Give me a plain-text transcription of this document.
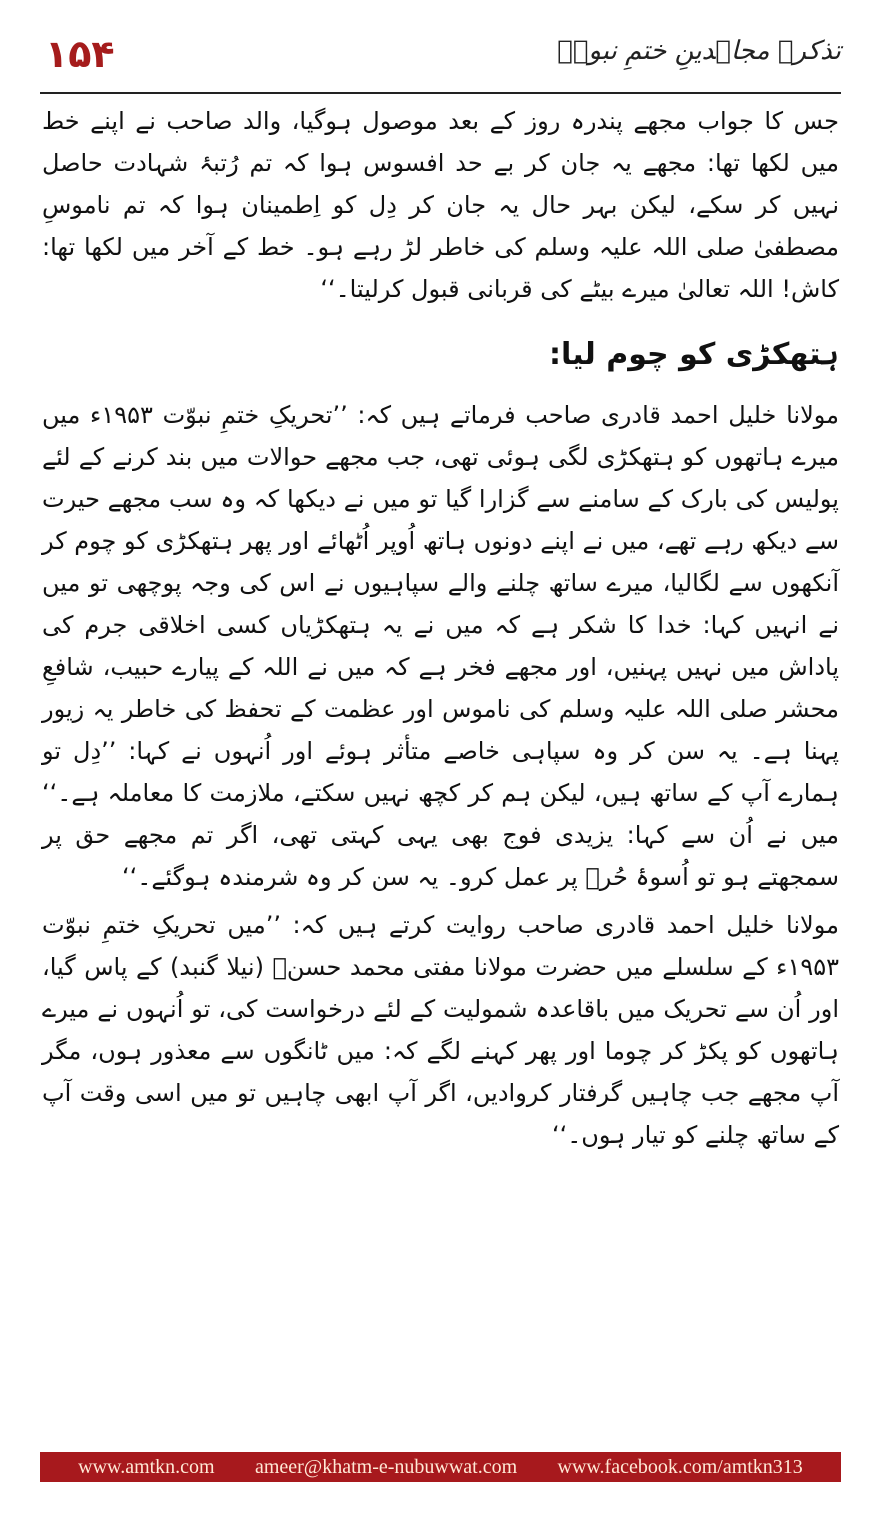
۱۵۴	تذکرہ مجاہدینِ ختمِ نبوتؐ

جس کا جواب مجھے پندرہ روز کے بعد موصول ہوگیا، والد صاحب نے اپنے خط میں لکھا تھا: مجھے یہ جان کر بے حد افسوس ہوا کہ تم رُتبۂ شہادت حاصل نہیں کر سکے، لیکن بہر حال یہ جان کر دِل کو اِطمینان ہوا کہ تم ناموسِ مصطفیٰ صلی اللہ علیہ وسلم کی خاطر لڑ رہے ہو۔ خط کے آخر میں لکھا تھا: کاش! اللہ تعالیٰ میرے بیٹے کی قربانی قبول کرلیتا۔‘‘

ہتھکڑی کو چوم لیا:

مولانا خلیل احمد قادری صاحب فرماتے ہیں کہ: ’’تحریکِ ختمِ نبوّت ۱۹۵۳ء میں میرے ہاتھوں کو ہتھکڑی لگی ہوئی تھی، جب مجھے حوالات میں بند کرنے کے لئے پولیس کی بارک کے سامنے سے گزارا گیا تو میں نے دیکھا کہ وہ سب مجھے حیرت سے دیکھ رہے تھے، میں نے اپنے دونوں ہاتھ اُوپر اُٹھائے اور پھر ہتھکڑی کو چوم کر آنکھوں سے لگالیا، میرے ساتھ چلنے والے سپاہیوں نے اس کی وجہ پوچھی تو میں نے انہیں کہا: خدا کا شکر ہے کہ میں نے یہ ہتھکڑیاں کسی اخلاقی جرم کی پاداش میں نہیں پہنیں، اور مجھے فخر ہے کہ میں نے اللہ کے پیارے حبیب، شافعِ محشر صلی اللہ علیہ وسلم کی ناموس اور عظمت کے تحفظ کی خاطر یہ زیور پہنا ہے۔ یہ سن کر وہ سپاہی خاصے متأثر ہوئے اور اُنہوں نے کہا: ’’دِل تو ہمارے آپ کے ساتھ ہیں، لیکن ہم کر کچھ نہیں سکتے، ملازمت کا معاملہ ہے۔‘‘ میں نے اُن سے کہا: یزیدی فوج بھی یہی کہتی تھی، اگر تم مجھے حق پر سمجھتے ہو تو اُسوۂ حُرؒ پر عمل کرو۔ یہ سن کر وہ شرمندہ ہوگئے۔‘‘

مولانا خلیل احمد قادری صاحب روایت کرتے ہیں کہ: ’’میں تحریکِ ختمِ نبوّت ۱۹۵۳ء کے سلسلے میں حضرت مولانا مفتی محمد حسنؒ (نیلا گنبد) کے پاس گیا، اور اُن سے تحریک میں باقاعدہ شمولیت کے لئے درخواست کی، تو اُنہوں نے میرے ہاتھوں کو پکڑ کر چوما اور پھر کہنے لگے کہ: میں ٹانگوں سے معذور ہوں، مگر آپ مجھے جب چاہیں گرفتار کروادیں، اگر آپ ابھی چاہیں تو میں اسی وقت آپ کے ساتھ چلنے کو تیار ہوں۔‘‘

www.amtkn.com ameer@khatm-e-nubuwwat.com www.facebook.com/amtkn313
